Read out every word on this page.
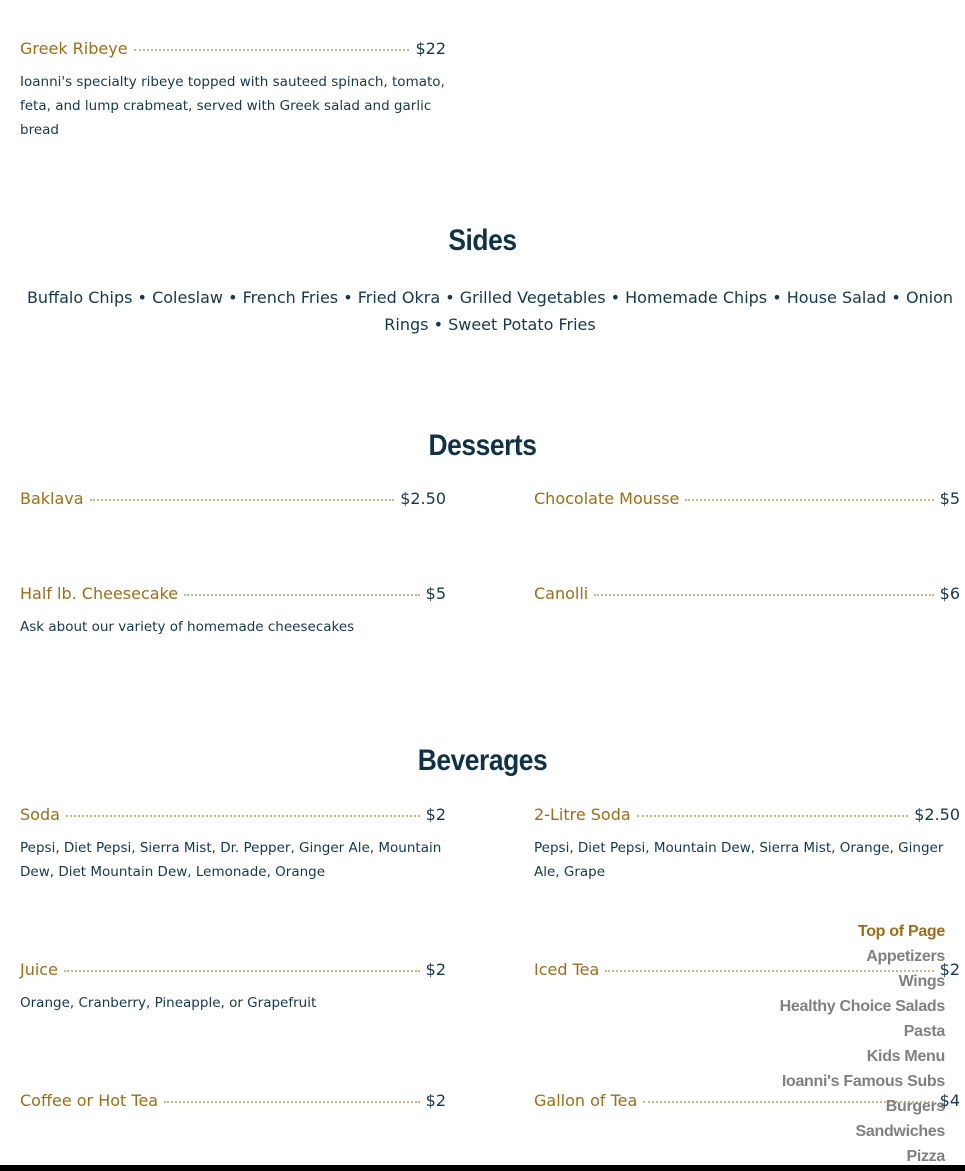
Greek Ribeye	$22
Ioanni's specialty ribeye topped with sauteed spinach, tomato, feta, and lump crabmeat, served with Greek salad and garlic bread
Sides
Buffalo Chips • Coleslaw • French Fries • Fried Okra • Grilled Vegetables • Homemade Chips • House Salad • Onion Rings • Sweet Potato Fries
Desserts
Baklava	$2.50	Chocolate Mousse	$5
Half lb. Cheesecake	$5
Ask about our variety of homemade cheesecakes
Canolli	$6
Beverages
Soda	$2
Pepsi, Diet Pepsi, Sierra Mist, Dr. Pepper, Ginger Ale, Mountain Dew, Diet Mountain Dew, Lemonade, Orange
2-Litre Soda	$2.50
Pepsi, Diet Pepsi, Mountain Dew, Sierra Mist, Orange, Ginger Ale, Grape
Juice	$2
Orange, Cranberry, Pineapple, or Grapefruit
Iced Tea	$2
Coffee or Hot Tea	$2	Gallon of Tea	$4
Top of Page
Appetizers
Wings
Healthy Choice Salads
Pasta
Kids Menu
Ioanni's Famous Subs
Burgers
Sandwiches
Pizza
